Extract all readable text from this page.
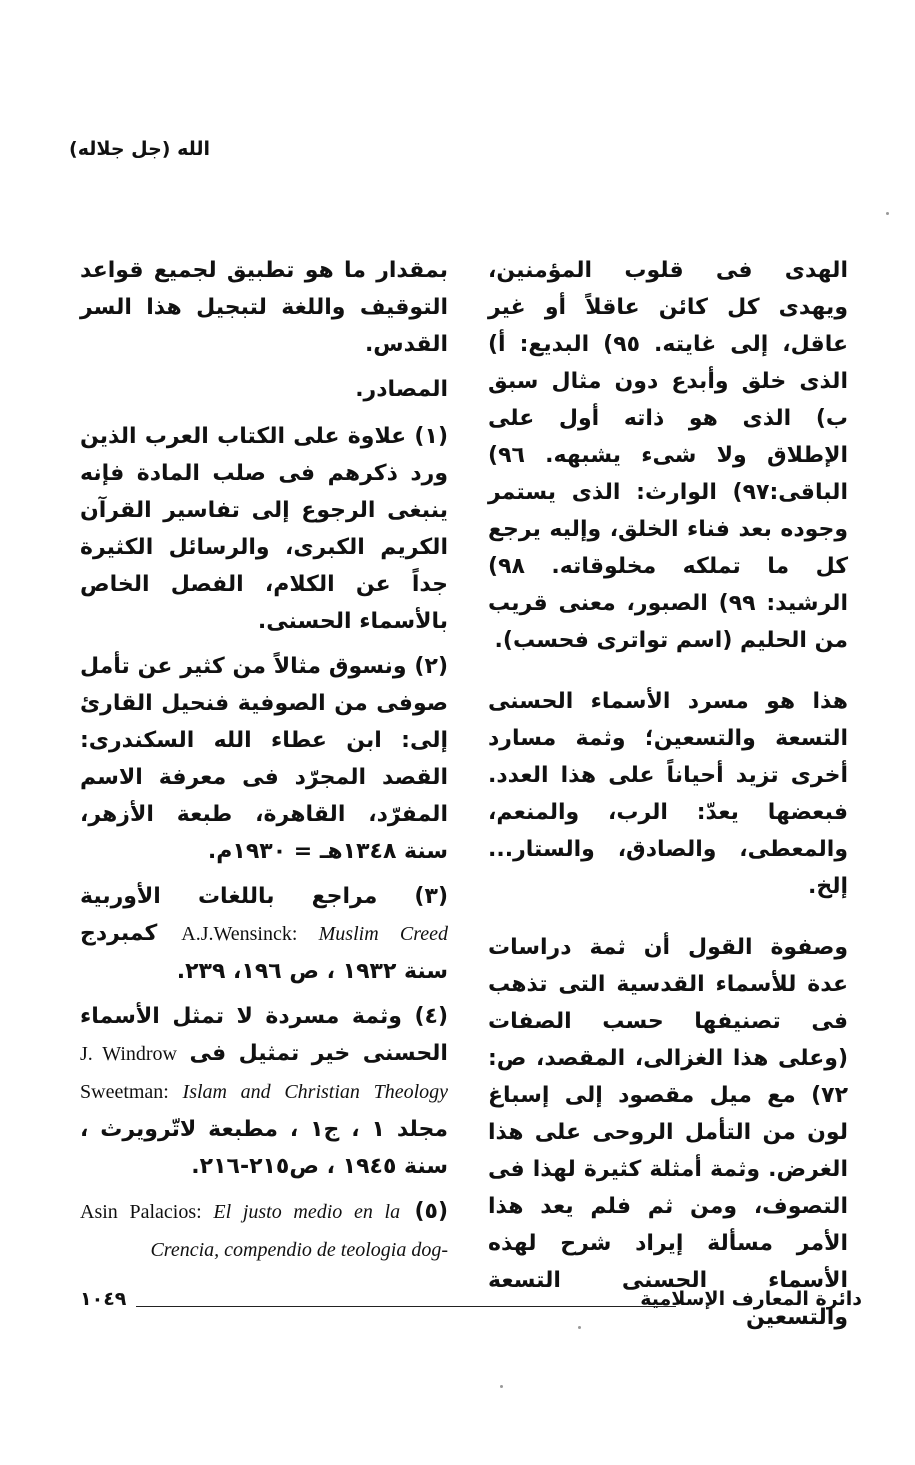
الله (جل جلاله)

الهدى فى قلوب المؤمنين، ويهدى كل كائن عاقلاً أو غير عاقل، إلى غايته. ٩٥) البديع: أ) الذى خلق وأبدع دون مثال سبق ب) الذى هو ذاته أول على الإطلاق ولا شىء يشبهه. ٩٦) الباقى:٩٧) الوارث: الذى يستمر وجوده بعد فناء الخلق، وإليه يرجع كل ما تملكه مخلوقاته. ٩٨) الرشيد: ٩٩) الصبور، معنى قريب من الحليم (اسم تواترى فحسب).

هذا هو مسرد الأسماء الحسنى التسعة والتسعين؛ وثمة مسارد أخرى تزيد أحياناً على هذا العدد. فبعضها يعدّ: الرب، والمنعم، والمعطى، والصادق، والستار... إلخ.

وصفوة القول أن ثمة دراسات عدة للأسماء القدسية التى تذهب فى تصنيفها حسب الصفات (وعلى هذا الغزالى، المقصد، ص: ٧٢) مع ميل مقصود إلى إسباغ لون من التأمل الروحى على هذا الغرض. وثمة أمثلة كثيرة لهذا فى التصوف، ومن ثم فلم يعد هذا الأمر مسألة إيراد شرح لهذه الأسماء الحسنى التسعة والتسعين

بمقدار ما هو تطبيق لجميع قواعد التوقيف واللغة لتبجيل هذا السر القدس.

المصادر.

(١) علاوة على الكتاب العرب الذين ورد ذكرهم فى صلب المادة فإنه ينبغى الرجوع إلى تفاسير القرآن الكريم الكبرى، والرسائل الكثيرة جداً عن الكلام، الفصل الخاص بالأسماء الحسنى.

(٢) ونسوق مثالاً من كثير عن تأمل صوفى من الصوفية فنحيل القارئ إلى: ابن عطاء الله السكندرى: القصد المجرّد فى معرفة الاسم المفرّد، القاهرة، طبعة الأزهر، سنة ١٣٤٨هـ = ١٩٣٠م.

(٣) مراجع باللغات الأوربية A.J.Wensinck: Muslim Creed كمبردج سنة ١٩٣٢ ، ص ١٩٦، ٢٣٩.

(٤) وثمة مسردة لا تمثل الأسماء الحسنى خير تمثيل فى J. Windrow Sweetman: Islam and Christian Theology مجلد ١ ، ج١ ، مطبعة لاتّرويرث ، سنة ١٩٤٥ ، ص٢١٥-٢١٦.

(٥) Asin Palacios: El justo medio en la Crencia, compendio de teologia dog-

دائرة المعارف الإسلامية
١٠٤٩
